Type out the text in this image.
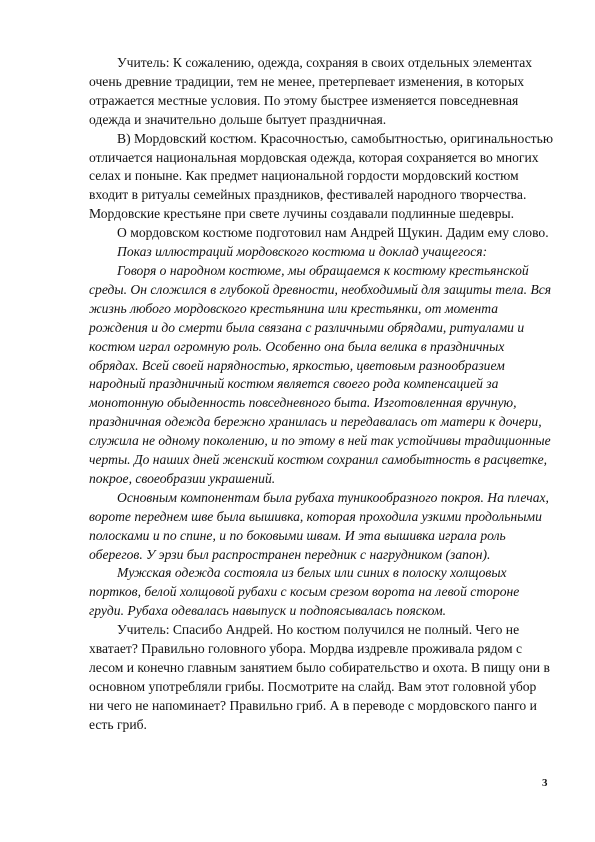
Учитель: К сожалению, одежда, сохраняя в своих отдельных элементах очень древние традиции, тем не менее, претерпевает изменения, в которых отражается местные условия. По этому быстрее изменяется повседневная одежда и значительно дольше бытует праздничная.

В) Мордовский костюм. Красочностью, самобытностью, оригинальностью отличается национальная мордовская одежда, которая сохраняется во многих селах и поныне. Как предмет национальной гордости мордовский костюм входит в ритуалы семейных праздников, фестивалей народного творчества. Мордовские крестьяне при свете лучины создавали подлинные шедевры.

О мордовском костюме подготовил нам Андрей Щукин. Дадим ему слово.

Показ иллюстраций мордовского костюма и доклад учащегося:

Говоря о народном костюме, мы обращаемся к костюму крестьянской среды. Он сложился в глубокой древности, необходимый для защиты тела. Вся жизнь любого мордовского крестьянина или крестьянки, от момента рождения и до смерти была связана с различными обрядами, ритуалами и костюм играл огромную роль. Особенно она была велика в праздничных обрядах. Всей своей нарядностью, яркостью, цветовым разнообразием народный праздничный костюм является своего рода компенсацией за монотонную обыденность повседневного быта. Изготовленная вручную, праздничная одежда бережно хранилась и передавалась от матери к дочери, служила не одному поколению, и по этому в ней так устойчивы традиционные черты. До наших дней женский костюм сохранил самобытность в расцветке, покрое, своеобразии украшений.

Основным компонентам была рубаха туникообразного покроя. На плечах, вороте переднем шве была вышивка, которая проходила узкими продольными полосками и по спине, и по боковыми швам. И эта вышивка играла роль оберегов. У эрзи был распространен передник с нагрудником (запон).

Мужская одежда состояла из белых или синих в полоску холщовых портков, белой холщовой рубахи с косым срезом ворота на левой стороне груди. Рубаха одевалась навыпуск и подпоясывалась пояском.

Учитель: Спасибо Андрей. Но костюм получился не полный. Чего не хватает? Правильно головного убора. Мордва издревле проживала рядом с лесом и конечно главным занятием было собирательство и охота. В пищу они в основном употребляли грибы. Посмотрите на слайд. Вам этот головной убор ни чего не напоминает? Правильно гриб. А в переводе с мордовского панго и есть гриб.

3
